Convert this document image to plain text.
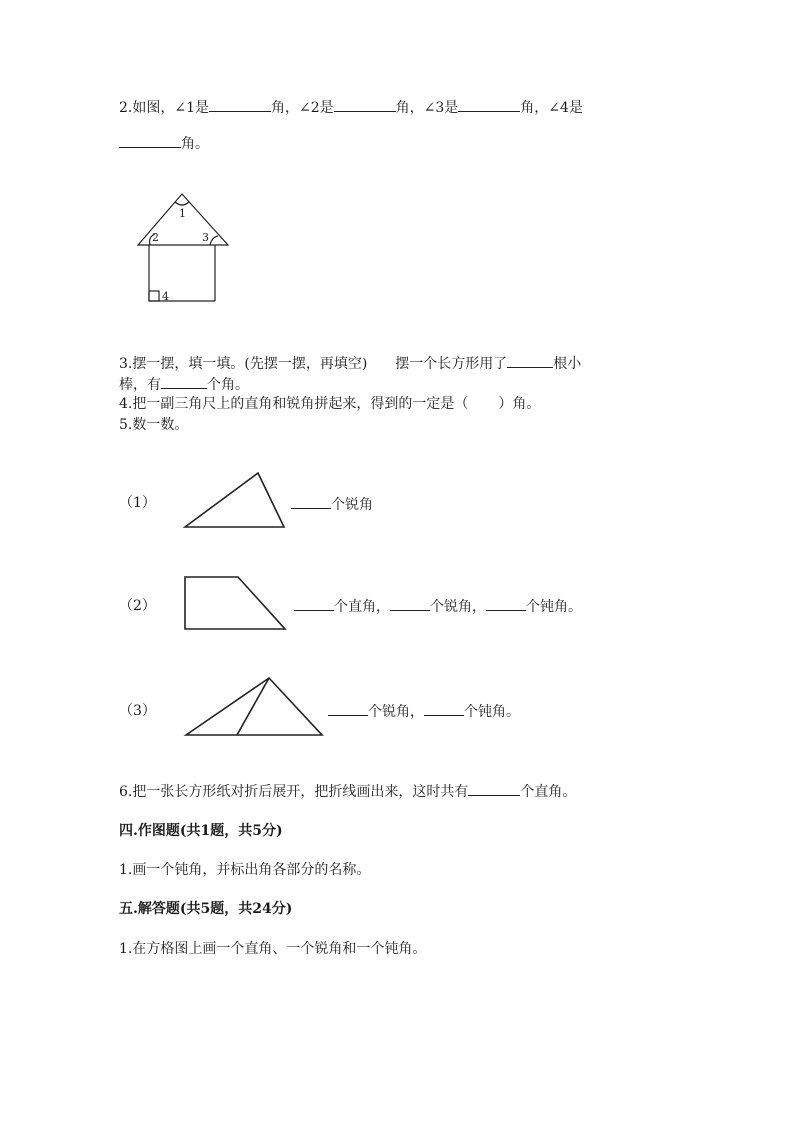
2.如图，∠1是	角，∠2是	角，∠3是	角，∠4是
角。
1
2	3
4
3.摆一摆，填一填。(先摆一摆，再填空)　　摆一个长方形用了	根小
棒，有	个角。
4.把一副三角尺上的直角和锐角拼起来，得到的一定是（ ）角。
5.数一数。
（1）	个锐角
（2）	个直角，	个锐角，	个钝角。
（3）	个锐角，	个钝角。
6.把一张长方形纸对折后展开，把折线画出来，这时共有	个直角。
四.作图题(共1题，共5分)
1.画一个钝角，并标出角各部分的名称。
五.解答题(共5题，共24分)
1.在方格图上画一个直角、一个锐角和一个钝角。
